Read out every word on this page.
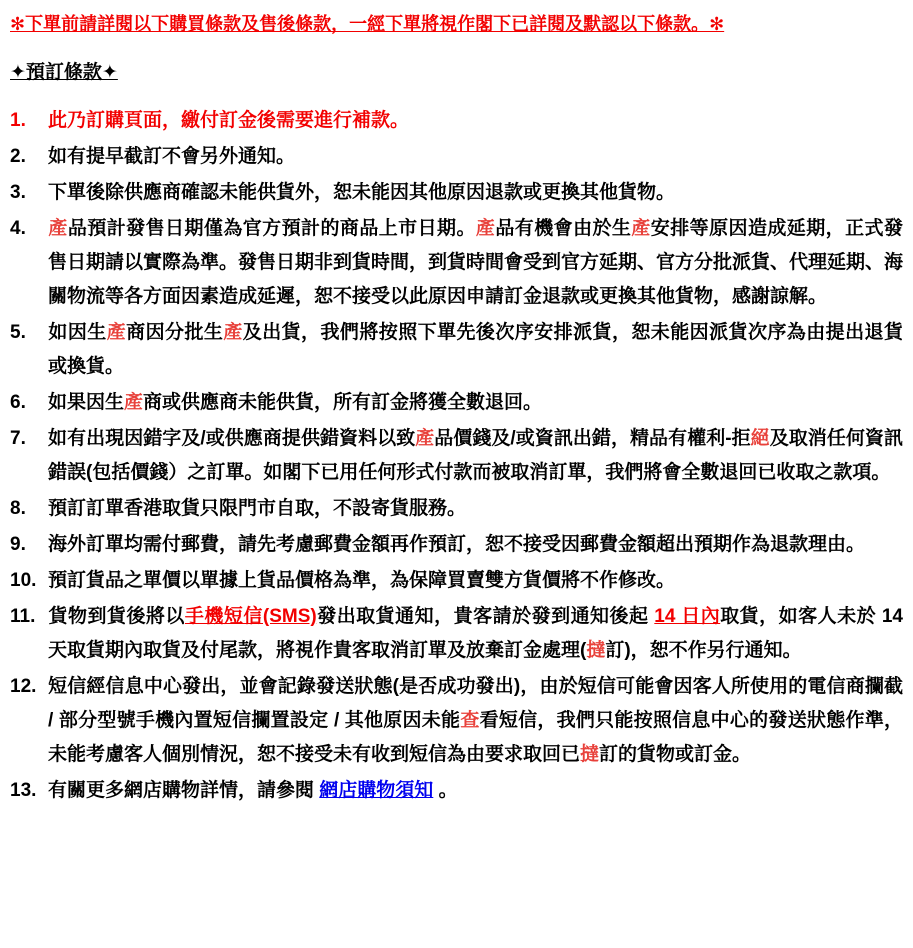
✻下單前請詳閱以下購買條款及售後條款，一經下單將視作閣下已詳閱及默認以下條款。✻
✦預訂條款✦
1. 此乃訂購頁面，繳付訂金後需要進行補款。
2. 如有提早截訂不會另外通知。
3. 下單後除供應商確認未能供貨外，恕未能因其他原因退款或更換其他貨物。
4. 產品預計發售日期僅為官方預計的商品上市日期。產品有機會由於生產安排等原因造成延期，正式發售日期請以實際為準。發售日期非到貨時間，到貨時間會受到官方延期、官方分批派貨、代理延期、海關物流等各方面因素造成延遲，恕不接受以此原因申請訂金退款或更換其他貨物，感謝諒解。
5. 如因生產商因分批生產及出貨，我們將按照下單先後次序安排派貨，恕未能因派貨次序為由提出退貨或換貨。
6. 如果因生產商或供應商未能供貨，所有訂金將獲全數退回。
7. 如有出現因錯字及/或供應商提供錯資料以致產品價錢及/或資訊出錯，精品有權利-拒絕及取消任何資訊錯誤(包括價錢）之訂單。如閣下已用任何形式付款而被取消訂單，我們將會全數退回已收取之款項。
8. 預訂訂單香港取貨只限門市自取，不設寄貨服務。
9. 海外訂單均需付郵費，請先考慮郵費金額再作預訂，恕不接受因郵費金額超出預期作為退款理由。
10. 預訂貨品之單價以單據上貨品價格為準，為保障買賣雙方貨價將不作修改。
11. 貨物到貨後將以手機短信(SMS)發出取貨通知，貴客請於發到通知後起 14 日內取貨，如客人未於 14 天取貨期內取貨及付尾款，將視作貴客取消訂單及放棄訂金處理(撻訂)，恕不作另行通知。
12. 短信經信息中心發出，並會記錄發送狀態(是否成功發出)，由於短信可能會因客人所使用的電信商攔截 / 部分型號手機內置短信攔置設定 / 其他原因未能查看短信，我們只能按照信息中心的發送狀態作準，未能考慮客人個別情況，恕不接受未有收到短信為由要求取回已撻訂的貨物或訂金。
13. 有關更多網店購物詳情，請參閱 網店購物須知 。
